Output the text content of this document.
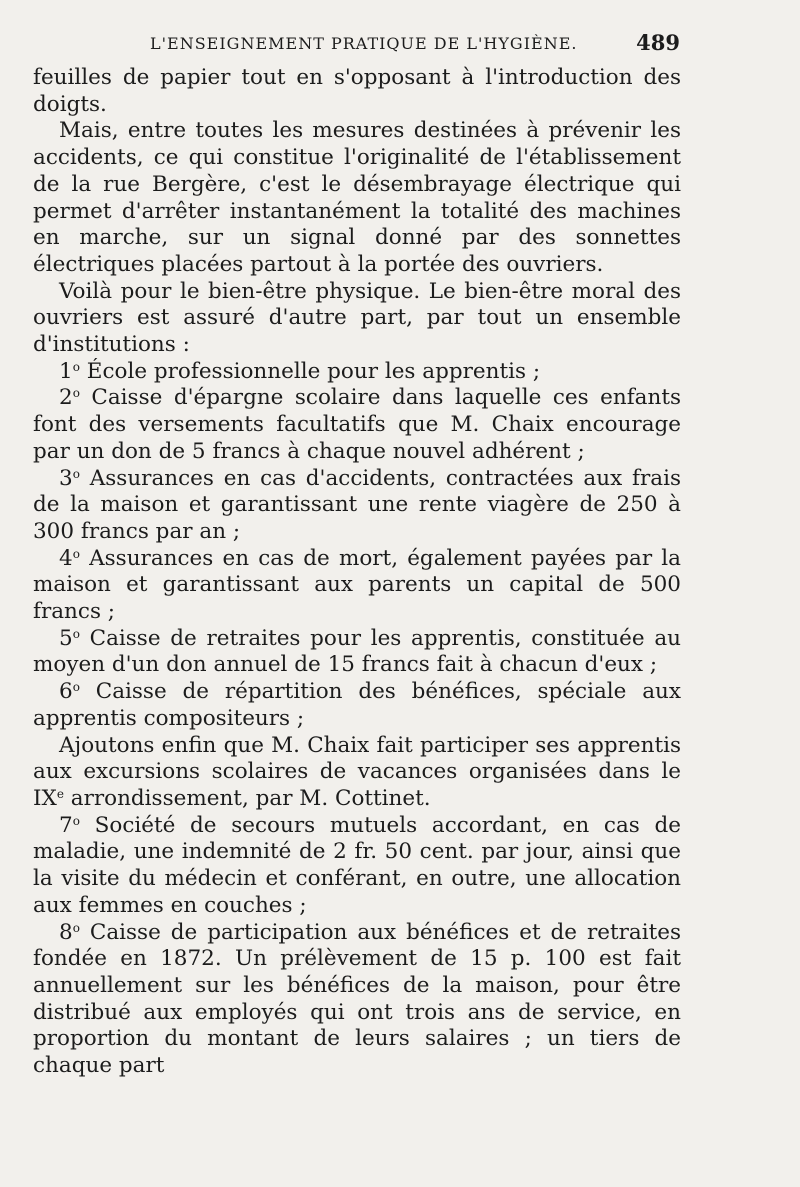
L'ENSEIGNEMENT PRATIQUE DE L'HYGIÈNE.	489

feuilles de papier tout en s'opposant à l'introduction des doigts.

Mais, entre toutes les mesures destinées à prévenir les accidents, ce qui constitue l'originalité de l'établissement de la rue Bergère, c'est le désembrayage électrique qui permet d'arrêter instantanément la totalité des machines en marche, sur un signal donné par des sonnettes électriques placées partout à la portée des ouvriers.

Voilà pour le bien-être physique. Le bien-être moral des ouvriers est assuré d'autre part, par tout un ensemble d'institutions :

1$^o$ École professionnelle pour les apprentis ;

2$^o$ Caisse d'épargne scolaire dans laquelle ces enfants font des versements facultatifs que M. Chaix encourage par un don de 5 francs à chaque nouvel adhérent ;

3$^o$ Assurances en cas d'accidents, contractées aux frais de la maison et garantissant une rente viagère de 250 à 300 francs par an ;

4$^o$ Assurances en cas de mort, également payées par la maison et garantissant aux parents un capital de 500 francs ;

5$^o$ Caisse de retraites pour les apprentis, constituée au moyen d'un don annuel de 15 francs fait à chacun d'eux ;

6$^o$ Caisse de répartition des bénéfices, spéciale aux apprentis compositeurs ;

Ajoutons enfin que M. Chaix fait participer ses apprentis aux excursions scolaires de vacances organisées dans le IXe arrondissement, par M. Cottinet.

7$^o$ Société de secours mutuels accordant, en cas de maladie, une indemnité de 2 fr. 50 cent. par jour, ainsi que la visite du médecin et conférant, en outre, une allocation aux femmes en couches ;

8$^o$ Caisse de participation aux bénéfices et de retraites fondée en 1872. Un prélèvement de 15 p. 100 est fait annuellement sur les bénéfices de la maison, pour être distribué aux employés qui ont trois ans de service, en proportion du montant de leurs salaires ; un tiers de chaque part
